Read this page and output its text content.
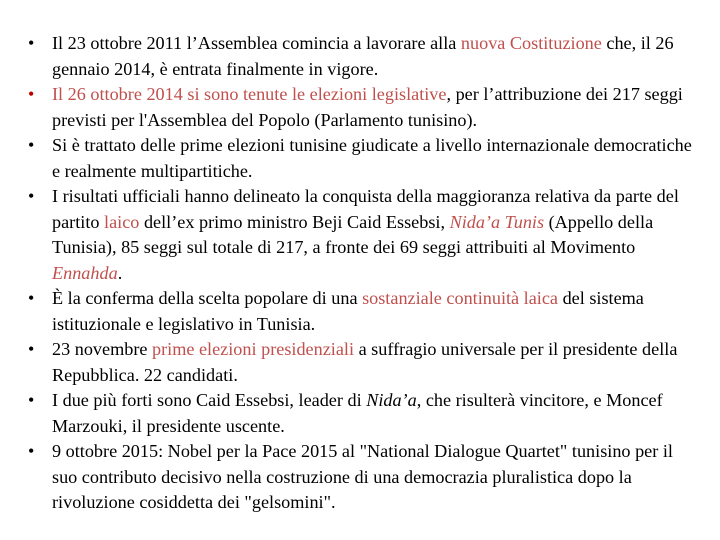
• Il 23 ottobre 2011 l’Assemblea comincia a lavorare alla nuova Costituzione che, il 26 gennaio 2014, è entrata finalmente in vigore.
• Il 26 ottobre 2014 si sono tenute le elezioni legislative, per l’attribuzione dei 217 seggi previsti per l'Assemblea del Popolo (Parlamento tunisino).
• Si è trattato delle prime elezioni tunisine giudicate a livello internazionale democratiche e realmente multipartitiche.
• I risultati ufficiali hanno delineato la conquista della maggioranza relativa da parte del partito laico dell’ex primo ministro Beji Caid Essebsi, Nida’a Tunis (Appello della Tunisia), 85 seggi sul totale di 217, a fronte dei 69 seggi attribuiti al Movimento Ennahda.
• È la conferma della scelta popolare di una sostanziale continuità laica del sistema istituzionale e legislativo in Tunisia.
• 23 novembre prime elezioni presidenziali a suffragio universale per il presidente della Repubblica. 22 candidati.
• I due più forti sono Caid Essebsi, leader di Nida’a, che risulterà vincitore, e Moncef Marzouki, il presidente uscente.
• 9 ottobre 2015: Nobel per la Pace 2015 al "National Dialogue Quartet" tunisino per il suo contributo decisivo nella costruzione di una democrazia pluralistica dopo la rivoluzione cosiddetta dei "gelsomini".
